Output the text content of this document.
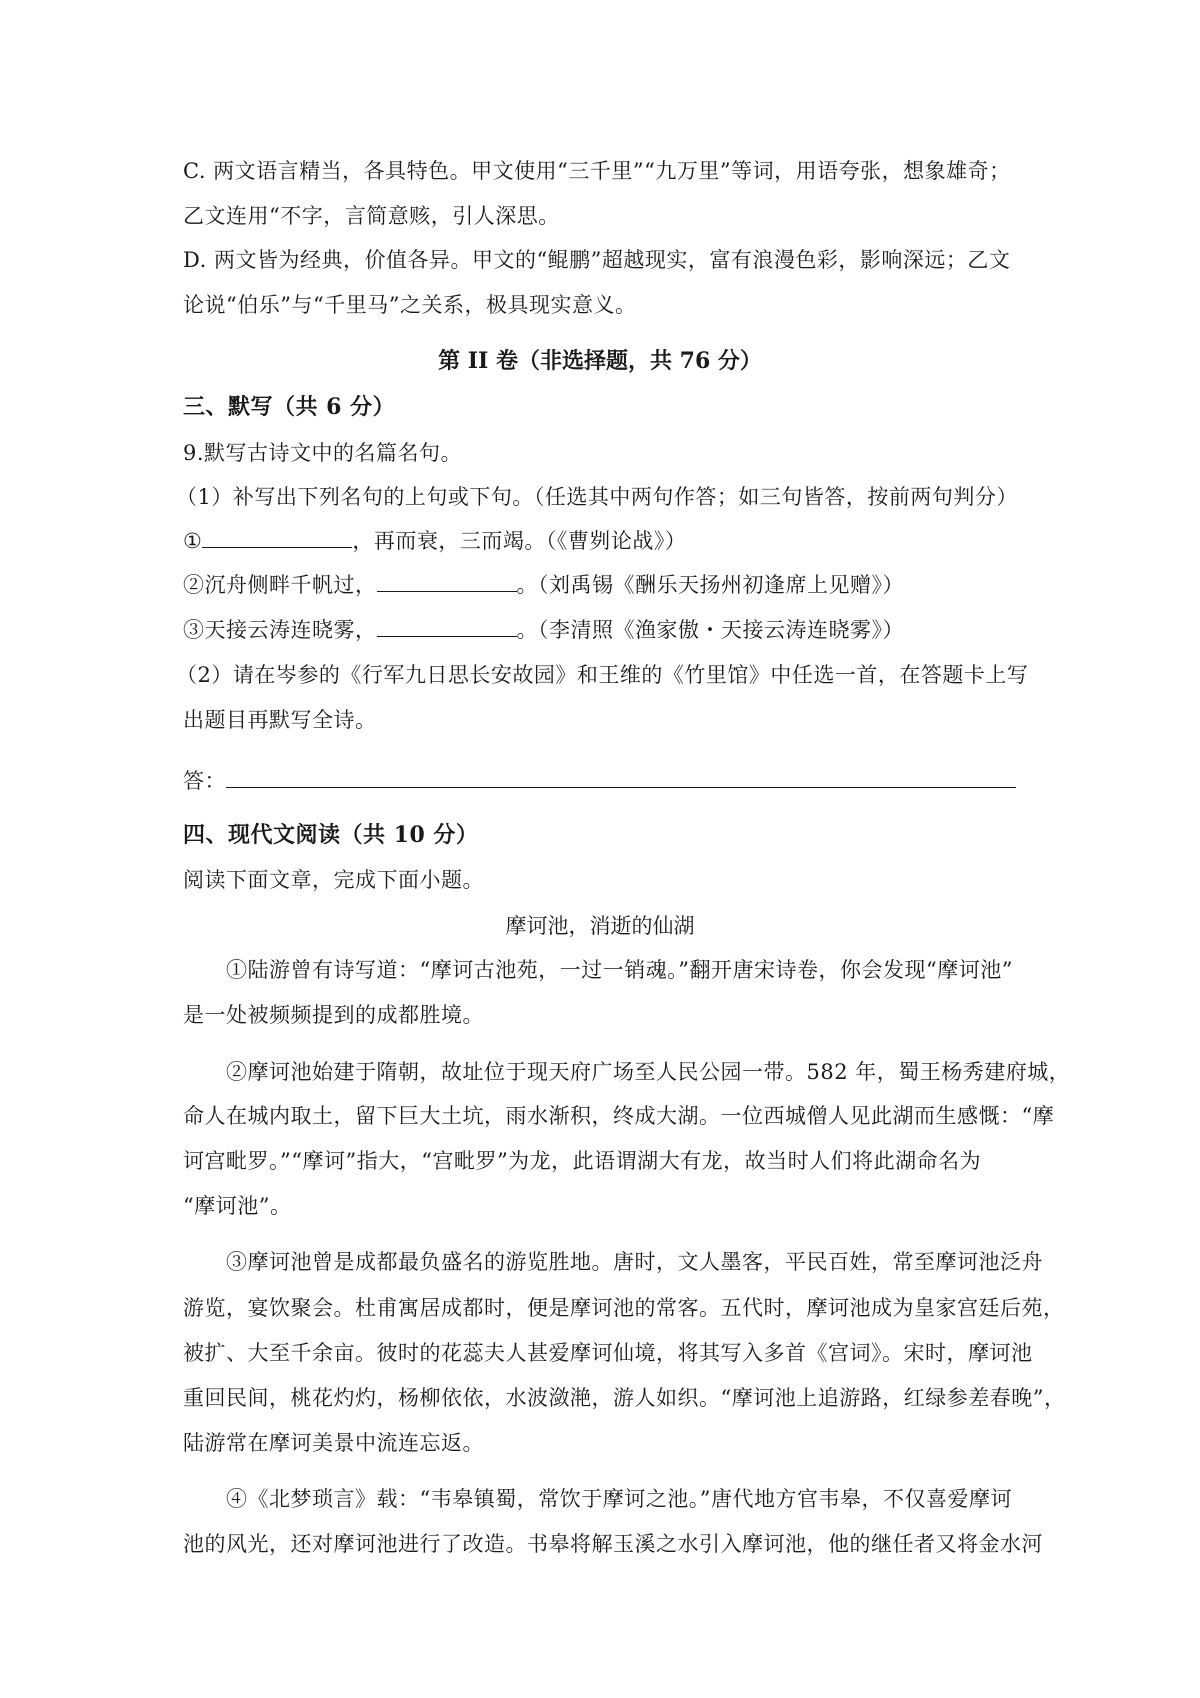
C. 两文语言精当，各具特色。甲文使用“三千里”“九万里”等词，用语夸张，想象雄奇；
乙文连用“不字，言简意赅，引人深思。
D. 两文皆为经典，价值各异。甲文的“鲲鹏”超越现实，富有浪漫色彩，影响深远；乙文
论说“伯乐”与“千里马”之关系，极具现实意义。
第 II 卷（非选择题，共 76 分）
三、默写（共 6 分）
9.默写古诗文中的名篇名句。
（1）补写出下列名句的上句或下句。（任选其中两句作答；如三句皆答，按前两句判分）
①	，再而衰，三而竭。（《曹刿论战》）
②沉舟侧畔千帆过，	。（刘禹锡《酬乐天扬州初逢席上见赠》）
③天接云涛连晓雾，	。（李清照《渔家傲・天接云涛连晓雾》）
（2）请在岑参的《行军九日思长安故园》和王维的《竹里馆》中任选一首，在答题卡上写
出题目再默写全诗。
答：
四、现代文阅读（共 10 分）
阅读下面文章，完成下面小题。
摩诃池，消逝的仙湖
①陆游曾有诗写道：“摩诃古池苑，一过一销魂。”翻开唐宋诗卷，你会发现“摩诃池”
是一处被频频提到的成都胜境。
②摩诃池始建于隋朝，故址位于现天府广场至人民公园一带。582 年，蜀王杨秀建府城，
命人在城内取土，留下巨大土坑，雨水渐积，终成大湖。一位西城僧人见此湖而生感慨：“摩
诃宫毗罗。”“摩诃”指大，“宫毗罗”为龙，此语谓湖大有龙，故当时人们将此湖命名为
“摩诃池”。
③摩诃池曾是成都最负盛名的游览胜地。唐时，文人墨客，平民百姓，常至摩诃池泛舟
游览，宴饮聚会。杜甫寓居成都时，便是摩诃池的常客。五代时，摩诃池成为皇家宫廷后苑，
被扩、大至千余亩。彼时的花蕊夫人甚爱摩诃仙境，将其写入多首《宫词》。宋时，摩诃池
重回民间，桃花灼灼，杨柳依依，水波潋滟，游人如织。“摩诃池上追游路，红绿参差春晚”，
陆游常在摩诃美景中流连忘返。
④《北梦琐言》载：“韦皋镇蜀，常饮于摩诃之池。”唐代地方官韦皋，不仅喜爱摩诃
池的风光，还对摩诃池进行了改造。书皋将解玉溪之水引入摩诃池，他的继任者又将金水河
